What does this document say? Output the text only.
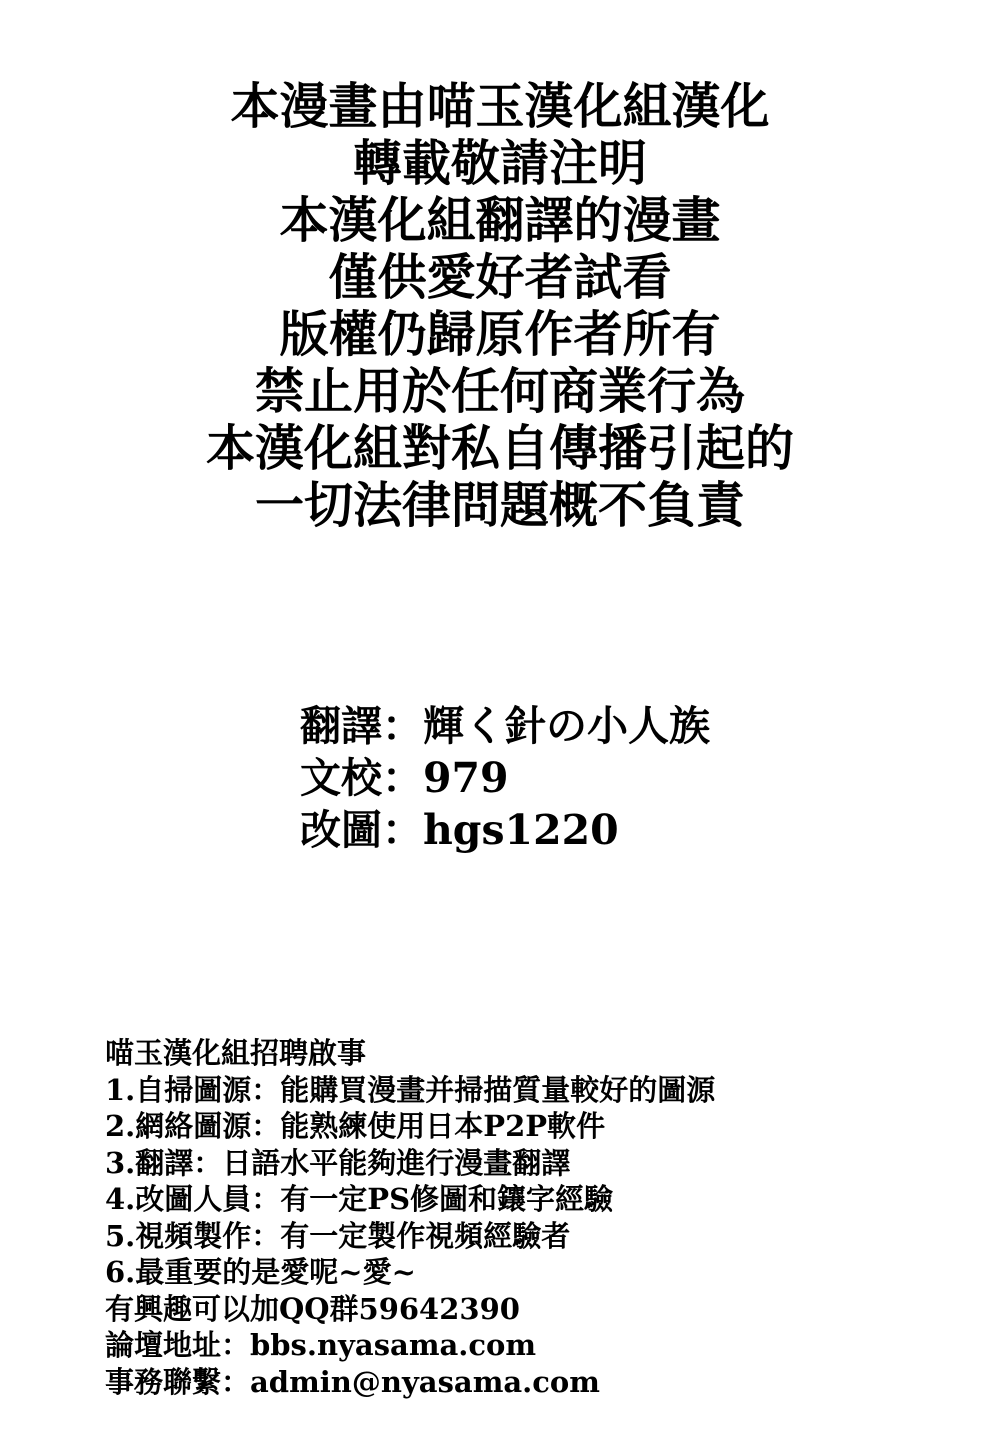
本漫畫由喵玉漢化組漢化
轉載敬請注明
本漢化組翻譯的漫畫
僅供愛好者試看
版權仍歸原作者所有
禁止用於任何商業行為
本漢化組對私自傳播引起的
一切法律問題概不負責
翻譯：輝く針の小人族
文校：979
改圖：hgs1220
喵玉漢化組招聘啟事
1.自掃圖源：能購買漫畫并掃描質量較好的圖源
2.網絡圖源：能熟練使用日本P2P軟件
3.翻譯：日語水平能夠進行漫畫翻譯
4.改圖人員：有一定PS修圖和鑲字經驗
5.視頻製作：有一定製作視頻經驗者
6.最重要的是愛呢~愛~
有興趣可以加QQ群59642390
論壇地址：bbs.nyasama.com
事務聯繫：admin@nyasama.com
